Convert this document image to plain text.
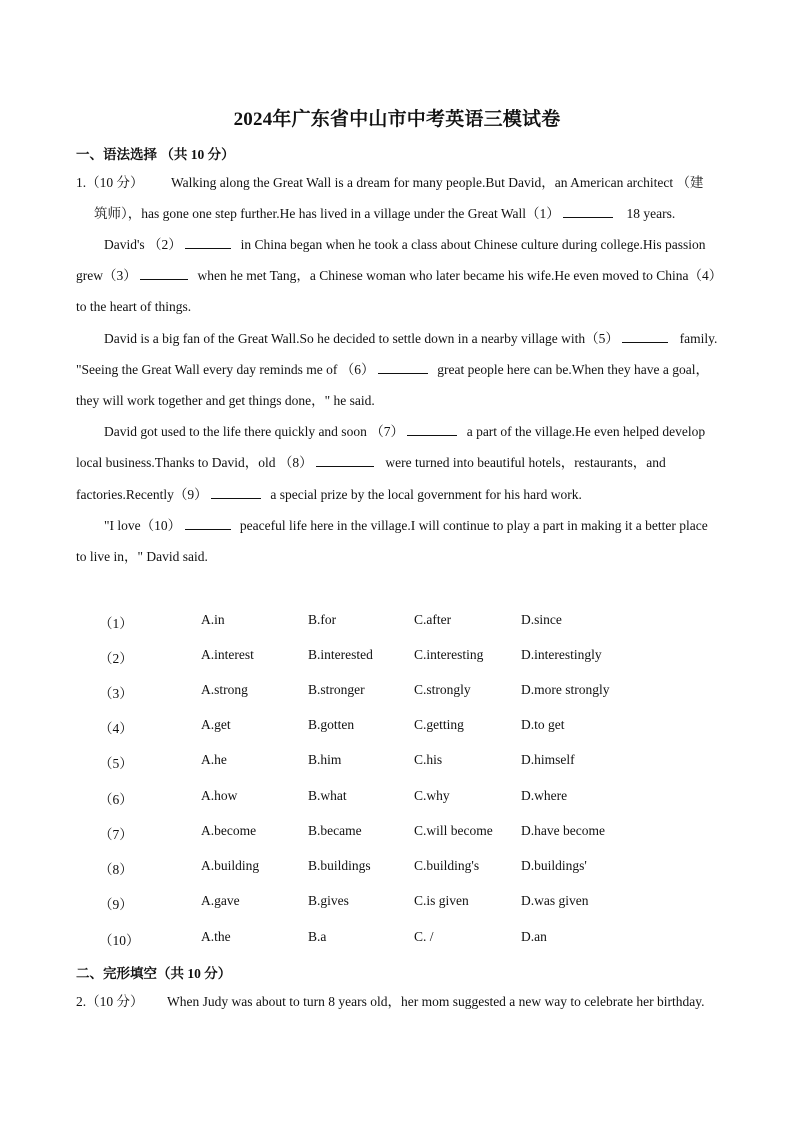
2024年广东省中山市中考英语三模试卷
一、语法选择 （共 10 分）
1.（10 分） Walking along the Great Wall is a dream for many people.But David，an American architect （建
筑师），has gone one step further.He has lived in a village under the Great Wall（1）	18 years.
David's （2）	in China began when he took a class about Chinese culture during college.His passion
grew（3）	when he met Tang，a Chinese woman who later became his wife.He even moved to China（4）
to the heart of things.
David is a big fan of the Great Wall.So he decided to settle down in a nearby village with（5）	family.
"Seeing the Great Wall every day reminds me of （6）	great people here can be.When they have a goal，
they will work together and get things done，" he said.
David got used to the life there quickly and soon （7）	a part of the village.He even helped develop
local business.Thanks to David，old （8）	were turned into beautiful hotels，restaurants，and
factories.Recently（9）	a special prize by the local government for his hard work.
"I love（10）	peaceful life here in the village.I will continue to play a part in making it a better place
to live in，" David said.
（1）	A.in	B.for	C.after	D.since
（2）	A.interest	B.interested	C.interesting	D.interestingly
（3）	A.strong	B.stronger	C.strongly	D.more strongly
（4）	A.get	B.gotten	C.getting	D.to get
（5）	A.he	B.him	C.his	D.himself
（6）	A.how	B.what	C.why	D.where
（7）	A.become	B.became	C.will become D.have become
（8）	A.building	B.buildings	C.building's	D.buildings'
（9）	A.gave	B.gives	C.is given	D.was given
（10）	A.the	B.a	C. /	D.an
二、完形填空（共 10 分）
2.（10 分） When Judy was about to turn 8 years old，her mom suggested a new way to celebrate her birthday.
